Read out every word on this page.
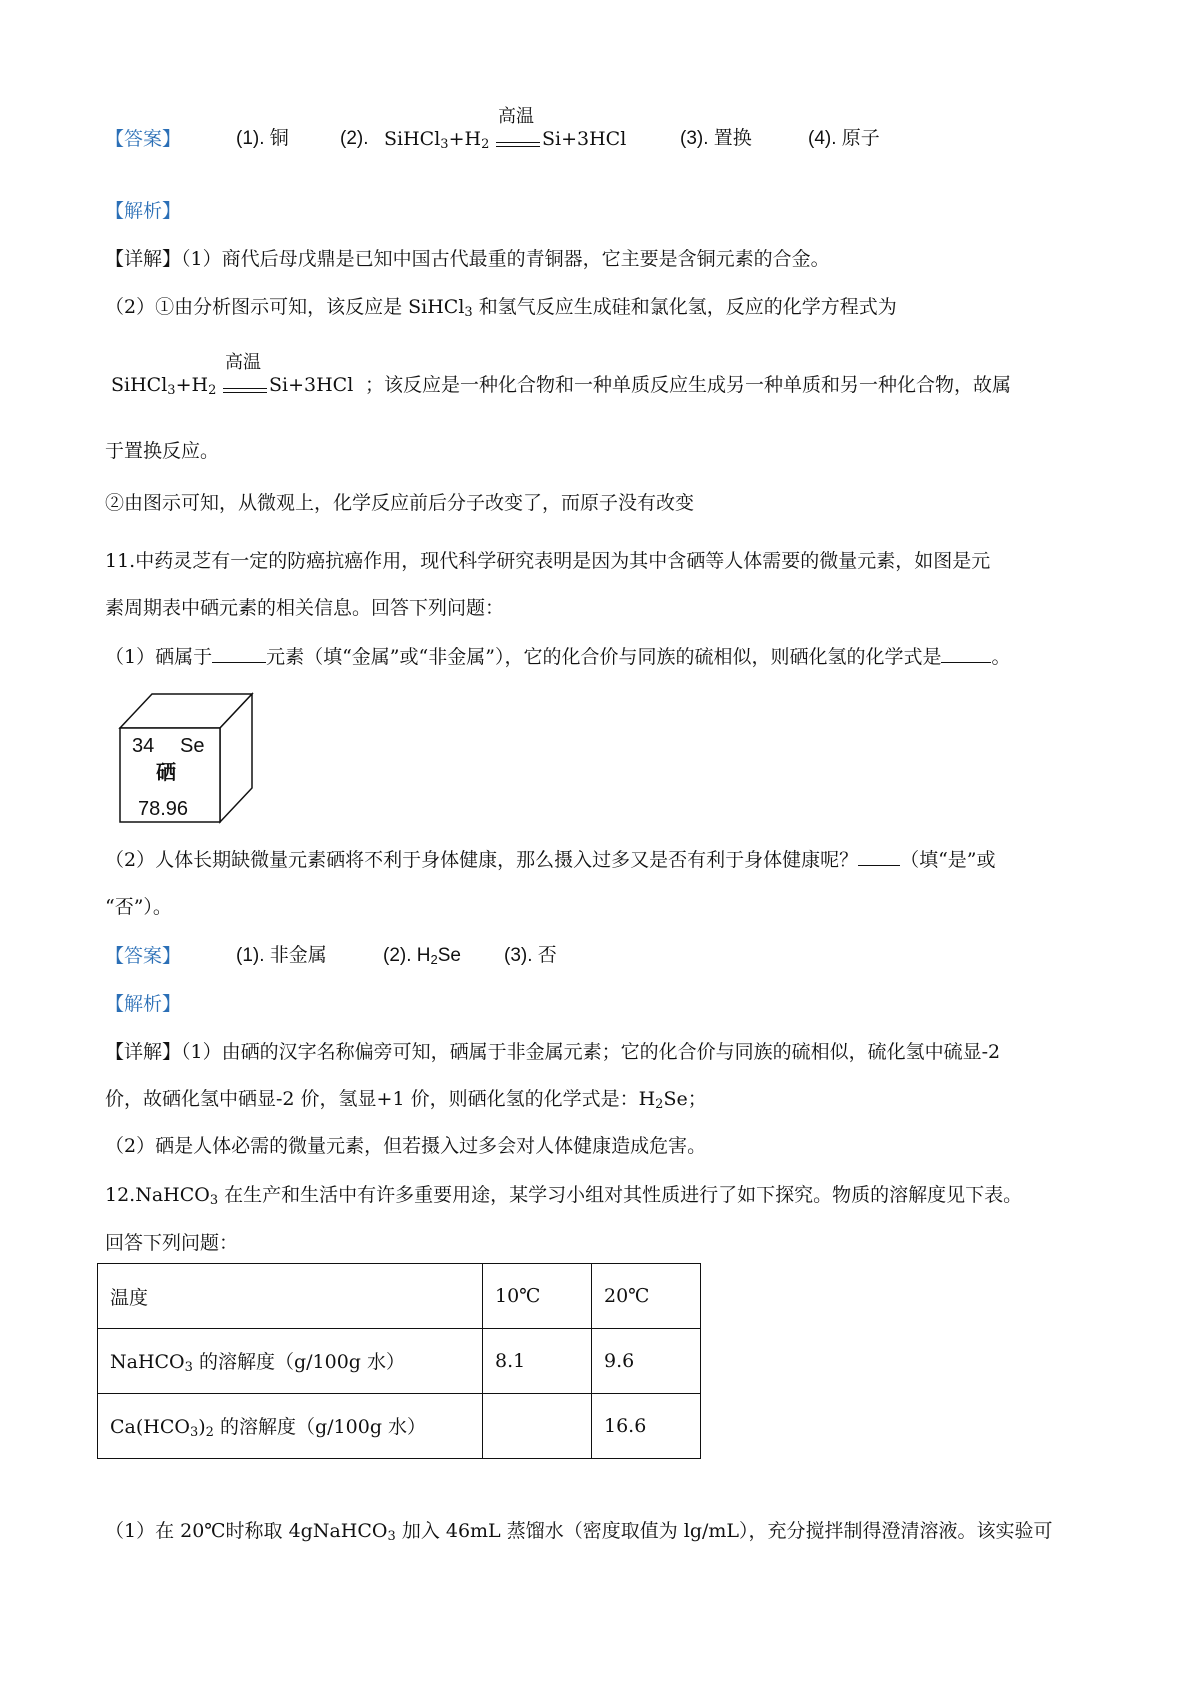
【答案】	(1). 铜	(2). $SiHCl_3+H_2$
高温
Si+3HCl	(3). 置换	(4). 原子
【解析】
【详解】（1）商代后母戊鼎是已知中国古代最重的青铜器，它主要是含铜元素的合金。
（2）①由分析图示可知，该反应是 SiHCl$_3$ 和氢气反应生成硅和氯化氢，反应的化学方程式为
$SiHCl_3+H_2$
高温
Si+3HCl ；该反应是一种化合物和一种单质反应生成另一种单质和另一种化合物，故属
于置换反应。
②由图示可知，从微观上，化学反应前后分子改变了，而原子没有改变
11.中药灵芝有一定的防癌抗癌作用，现代科学研究表明是因为其中含硒等人体需要的微量元素，如图是元
素周期表中硒元素的相关信息。回答下列问题：
（1）硒属于	元素（填“金属”或“非金属”），它的化合价与同族的硫相似，则硒化氢的化学式是	。
34 Se
硒
78.96
（2）人体长期缺微量元素硒将不利于身体健康，那么摄入过多又是否有利于身体健康呢？ （填“是”或
“否”）。
【答案】	(1). 非金属	(2). $H_2Se$ (3). 否
【解析】
【详解】（1）由硒的汉字名称偏旁可知，硒属于非金属元素；它的化合价与同族的硫相似，硫化氢中硫显-2
价，故硒化氢中硒显-2 价，氢显+1 价，则硒化氢的化学式是：$H_2Se$；
（2）硒是人体必需的微量元素，但若摄入过多会对人体健康造成危害。
12.NaHCO$_3$ 在生产和生活中有许多重要用途，某学习小组对其性质进行了如下探究。物质的溶解度见下表。
回答下列问题：
温度	10℃	20℃
NaHCO$_3$ 的溶解度（g/100g 水）	8.1	9.6
$Ca(HCO_3)_2$ 的溶解度（g/100g 水）		16.6
（1）在 20℃时称取 4gNaHCO$_3$ 加入 46mL 蒸馏水（密度取值为 lg/mL），充分搅拌制得澄清溶液。该实验可
